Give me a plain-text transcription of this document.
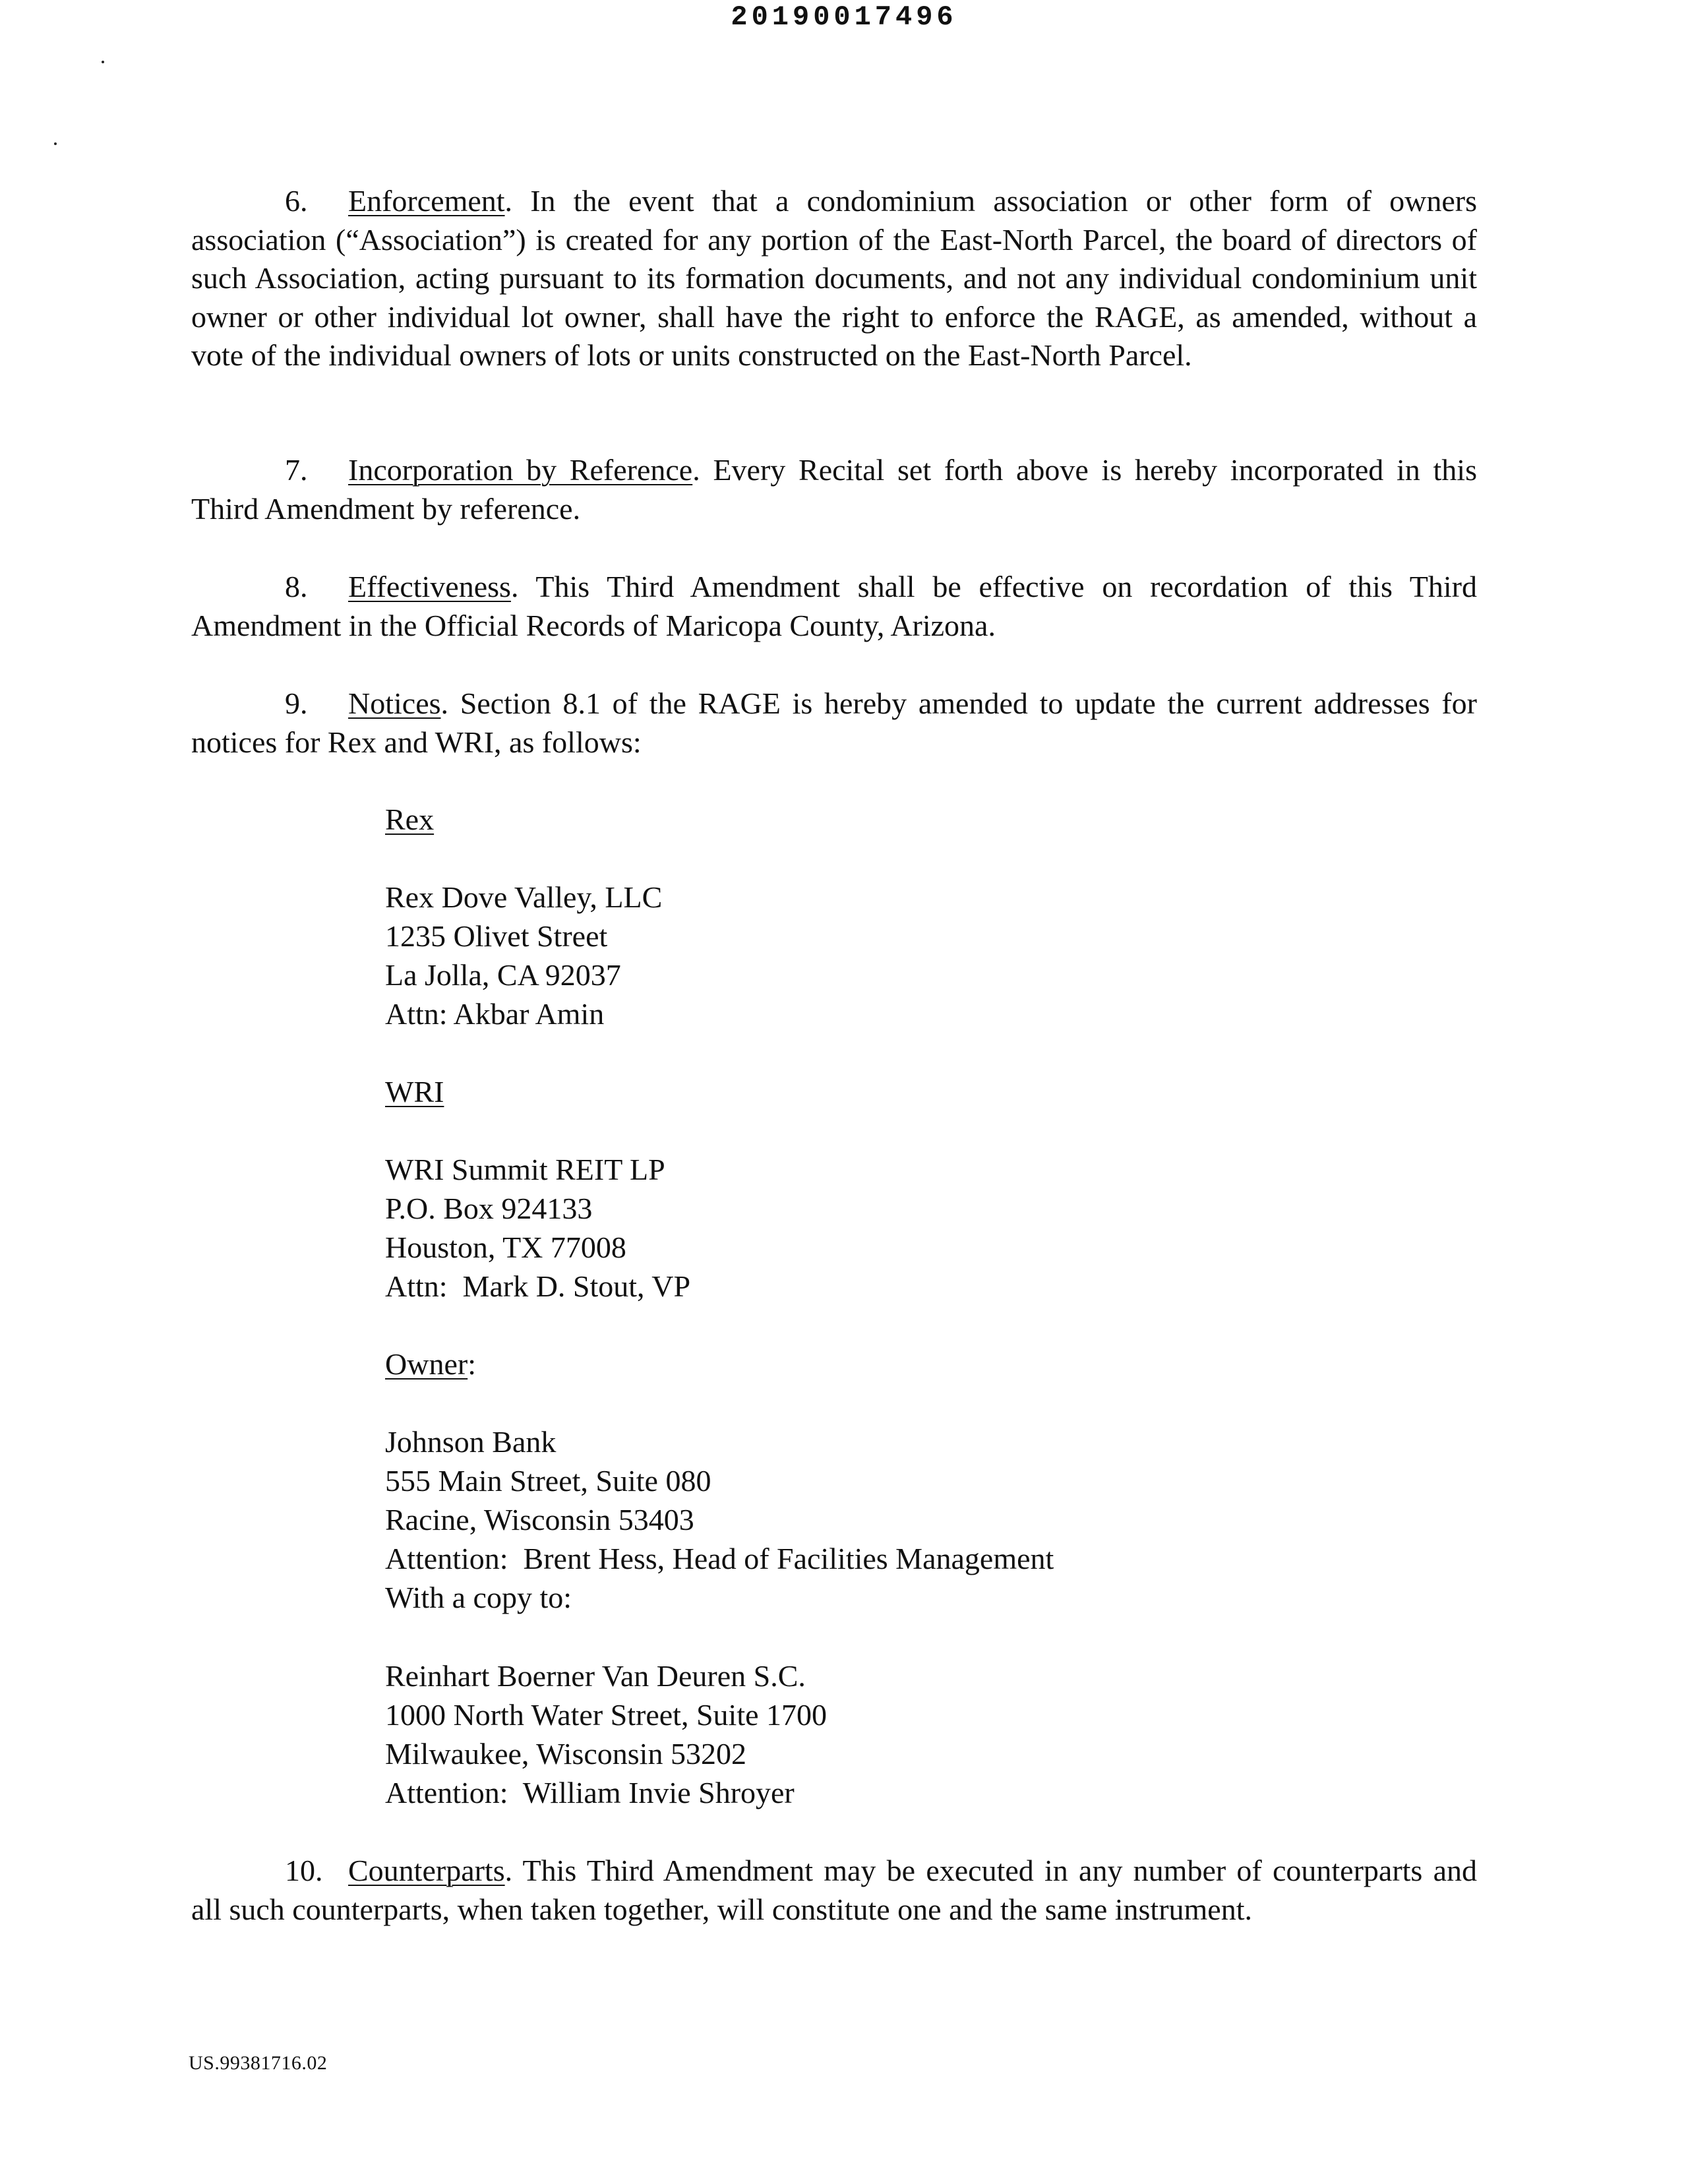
20190017496
6. Enforcement. In the event that a condominium association or other form of owners association (“Association”) is created for any portion of the East-North Parcel, the board of directors of such Association, acting pursuant to its formation documents, and not any individual condominium unit owner or other individual lot owner, shall have the right to enforce the RAGE, as amended, without a vote of the individual owners of lots or units constructed on the East-North Parcel.
7. Incorporation by Reference. Every Recital set forth above is hereby incorporated in this Third Amendment by reference.
8. Effectiveness. This Third Amendment shall be effective on recordation of this Third Amendment in the Official Records of Maricopa County, Arizona.
9. Notices. Section 8.1 of the RAGE is hereby amended to update the current addresses for notices for Rex and WRI, as follows:
Rex
Rex Dove Valley, LLC
1235 Olivet Street
La Jolla, CA 92037
Attn: Akbar Amin
WRI
WRI Summit REIT LP
P.O. Box 924133
Houston, TX 77008
Attn:  Mark D. Stout, VP
Owner:
Johnson Bank
555 Main Street, Suite 080
Racine, Wisconsin 53403
Attention:  Brent Hess, Head of Facilities Management
With a copy to:
Reinhart Boerner Van Deuren S.C.
1000 North Water Street, Suite 1700
Milwaukee, Wisconsin 53202
Attention:  William Invie Shroyer
10. Counterparts. This Third Amendment may be executed in any number of counterparts and all such counterparts, when taken together, will constitute one and the same instrument.
US.99381716.02
